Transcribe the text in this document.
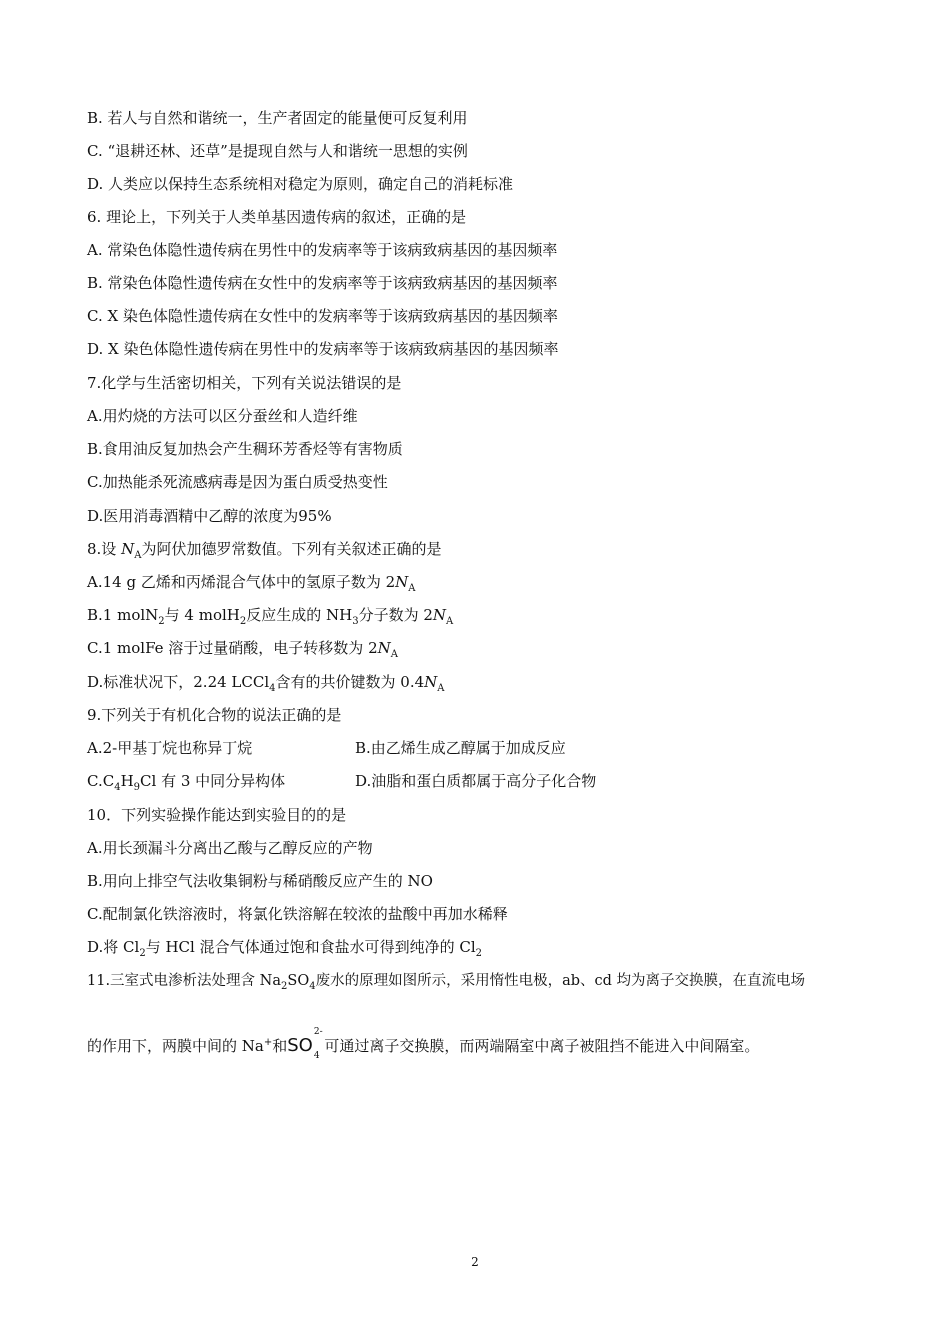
B. 若人与自然和谐统一，生产者固定的能量便可反复利用
C. “退耕还林、还草”是提现自然与人和谐统一思想的实例
D. 人类应以保持生态系统相对稳定为原则，确定自己的消耗标准
6. 理论上，下列关于人类单基因遗传病的叙述，正确的是
A. 常染色体隐性遗传病在男性中的发病率等于该病致病基因的基因频率
B. 常染色体隐性遗传病在女性中的发病率等于该病致病基因的基因频率
C. X 染色体隐性遗传病在女性中的发病率等于该病致病基因的基因频率
D. X 染色体隐性遗传病在男性中的发病率等于该病致病基因的基因频率
7.化学与生活密切相关，下列有关说法错误的是
A.用灼烧的方法可以区分蚕丝和人造纤维
B.食用油反复加热会产生稠环芳香烃等有害物质
C.加热能杀死流感病毒是因为蛋白质受热变性
D.医用消毒酒精中乙醇的浓度为95%
8.设 $N_A$为阿伏加德罗常数值。下列有关叙述正确的是
A.14 g 乙烯和丙烯混合气体中的氢原子数为 $2N_A$
B.1 molN$_2$与 4 molH$_2$反应生成的 $NH_3$分子数为 $2N_A$
C.1 molFe 溶于过量硝酸，电子转移数为 $2N_A$
D.标准状况下，2.24 LCCl$_4$含有的共价键数为 $0.4N_A$
9.下列关于有机化合物的说法正确的是
A.2-甲基丁烷也称异丁烷	B.由乙烯生成乙醇属于加成反应
$C.C_4H_9Cl$ 有 3 中同分异构体	D.油脂和蛋白质都属于高分子化合物
10．下列实验操作能达到实验目的的是
A.用长颈漏斗分离出乙酸与乙醇反应的产物
B.用向上排空气法收集铜粉与稀硝酸反应产生的 NO
C.配制氯化铁溶液时，将氯化铁溶解在较浓的盐酸中再加水稀释
D.将 $Cl_2$与 HCl 混合气体通过饱和食盐水可得到纯净的 $Cl_2$
11.三室式电渗析法处理含 $Na_2SO_4$废水的原理如图所示，采用惰性电极，ab、cd 均为离子交换膜，在直流电场
的作用下，两膜中间的 Na+和SO
2-
$_4$ 可通过离子交换膜，而两端隔室中离子被阻挡不能进入中间隔室。
2
